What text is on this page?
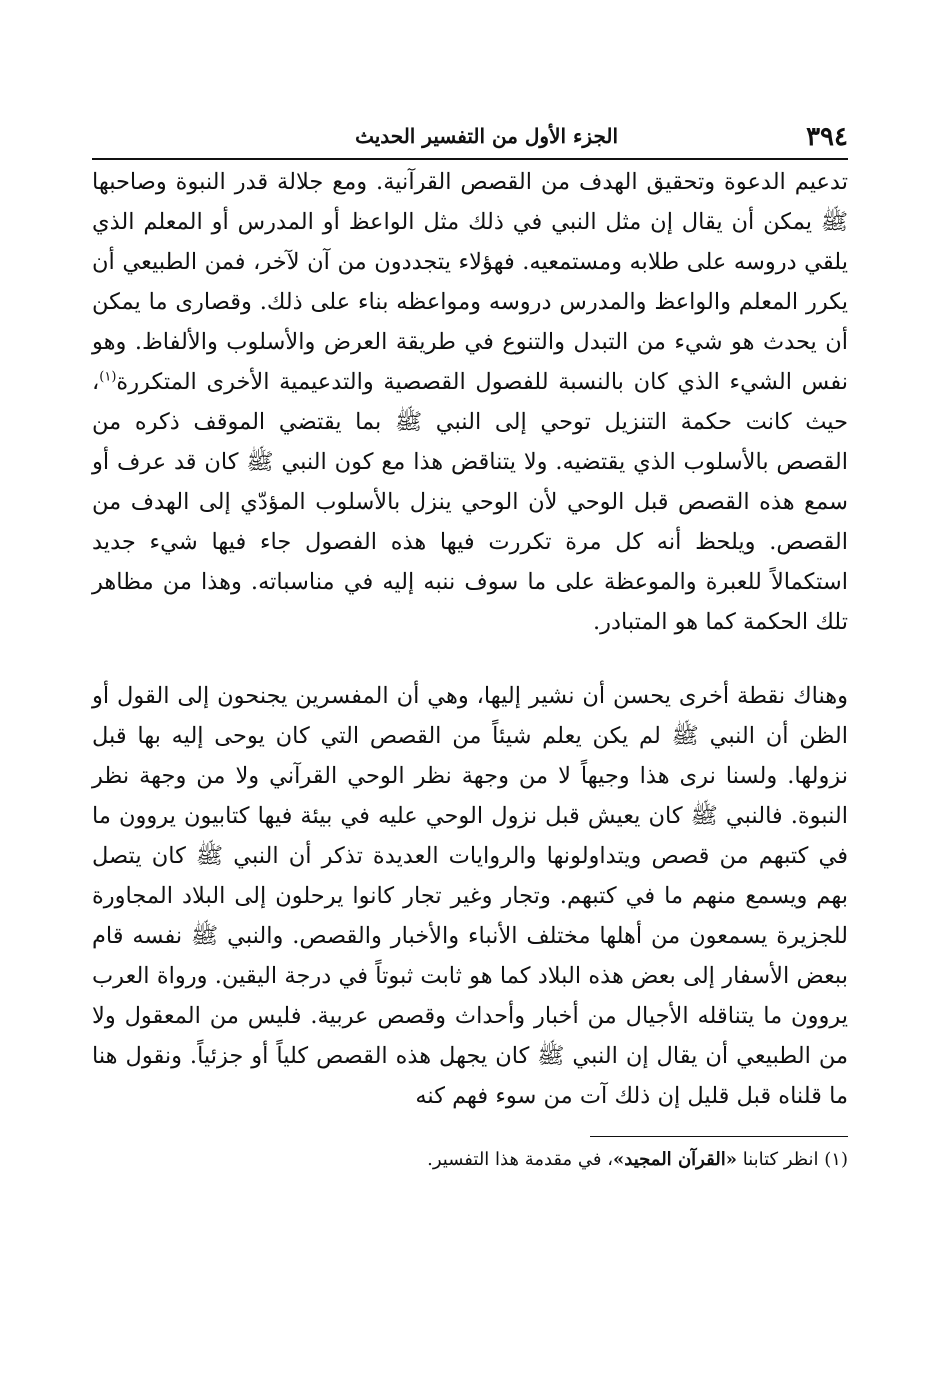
٣٩٤
الجزء الأول من التفسير الحديث

تدعيم الدعوة وتحقيق الهدف من القصص القرآنية. ومع جلالة قدر النبوة وصاحبها ﷺ يمكن أن يقال إن مثل النبي في ذلك مثل الواعظ أو المدرس أو المعلم الذي يلقي دروسه على طلابه ومستمعيه. فهؤلاء يتجددون من آن لآخر، فمن الطبيعي أن يكرر المعلم والواعظ والمدرس دروسه ومواعظه بناء على ذلك. وقصارى ما يمكن أن يحدث هو شيء من التبدل والتنوع في طريقة العرض والأسلوب والألفاظ. وهو نفس الشيء الذي كان بالنسبة للفصول القصصية والتدعيمية الأخرى المتكررة$^{(١)}$، حيث كانت حكمة التنزيل توحي إلى النبي ﷺ بما يقتضي الموقف ذكره من القصص بالأسلوب الذي يقتضيه. ولا يتناقض هذا مع كون النبي ﷺ كان قد عرف أو سمع هذه القصص قبل الوحي لأن الوحي ينزل بالأسلوب المؤدّي إلى الهدف من القصص. ويلحظ أنه كل مرة تكررت فيها هذه الفصول جاء فيها شيء جديد استكمالاً للعبرة والموعظة على ما سوف ننبه إليه في مناسباته. وهذا من مظاهر تلك الحكمة كما هو المتبادر.

وهناك نقطة أخرى يحسن أن نشير إليها، وهي أن المفسرين يجنحون إلى القول أو الظن أن النبي ﷺ لم يكن يعلم شيئاً من القصص التي كان يوحى إليه بها قبل نزولها. ولسنا نرى هذا وجيهاً لا من وجهة نظر الوحي القرآني ولا من وجهة نظر النبوة. فالنبي ﷺ كان يعيش قبل نزول الوحي عليه في بيئة فيها كتابيون يروون ما في كتبهم من قصص ويتداولونها والروايات العديدة تذكر أن النبي ﷺ كان يتصل بهم ويسمع منهم ما في كتبهم. وتجار وغير تجار كانوا يرحلون إلى البلاد المجاورة للجزيرة يسمعون من أهلها مختلف الأنباء والأخبار والقصص. والنبي ﷺ نفسه قام ببعض الأسفار إلى بعض هذه البلاد كما هو ثابت ثبوتاً في درجة اليقين. ورواة العرب يروون ما يتناقله الأجيال من أخبار وأحداث وقصص عربية. فليس من المعقول ولا من الطبيعي أن يقال إن النبي ﷺ كان يجهل هذه القصص كلياً أو جزئياً. ونقول هنا ما قلناه قبل قليل إن ذلك آت من سوء فهم كنه

(١) انظر كتابنا «القرآن المجيد»، في مقدمة هذا التفسير.
